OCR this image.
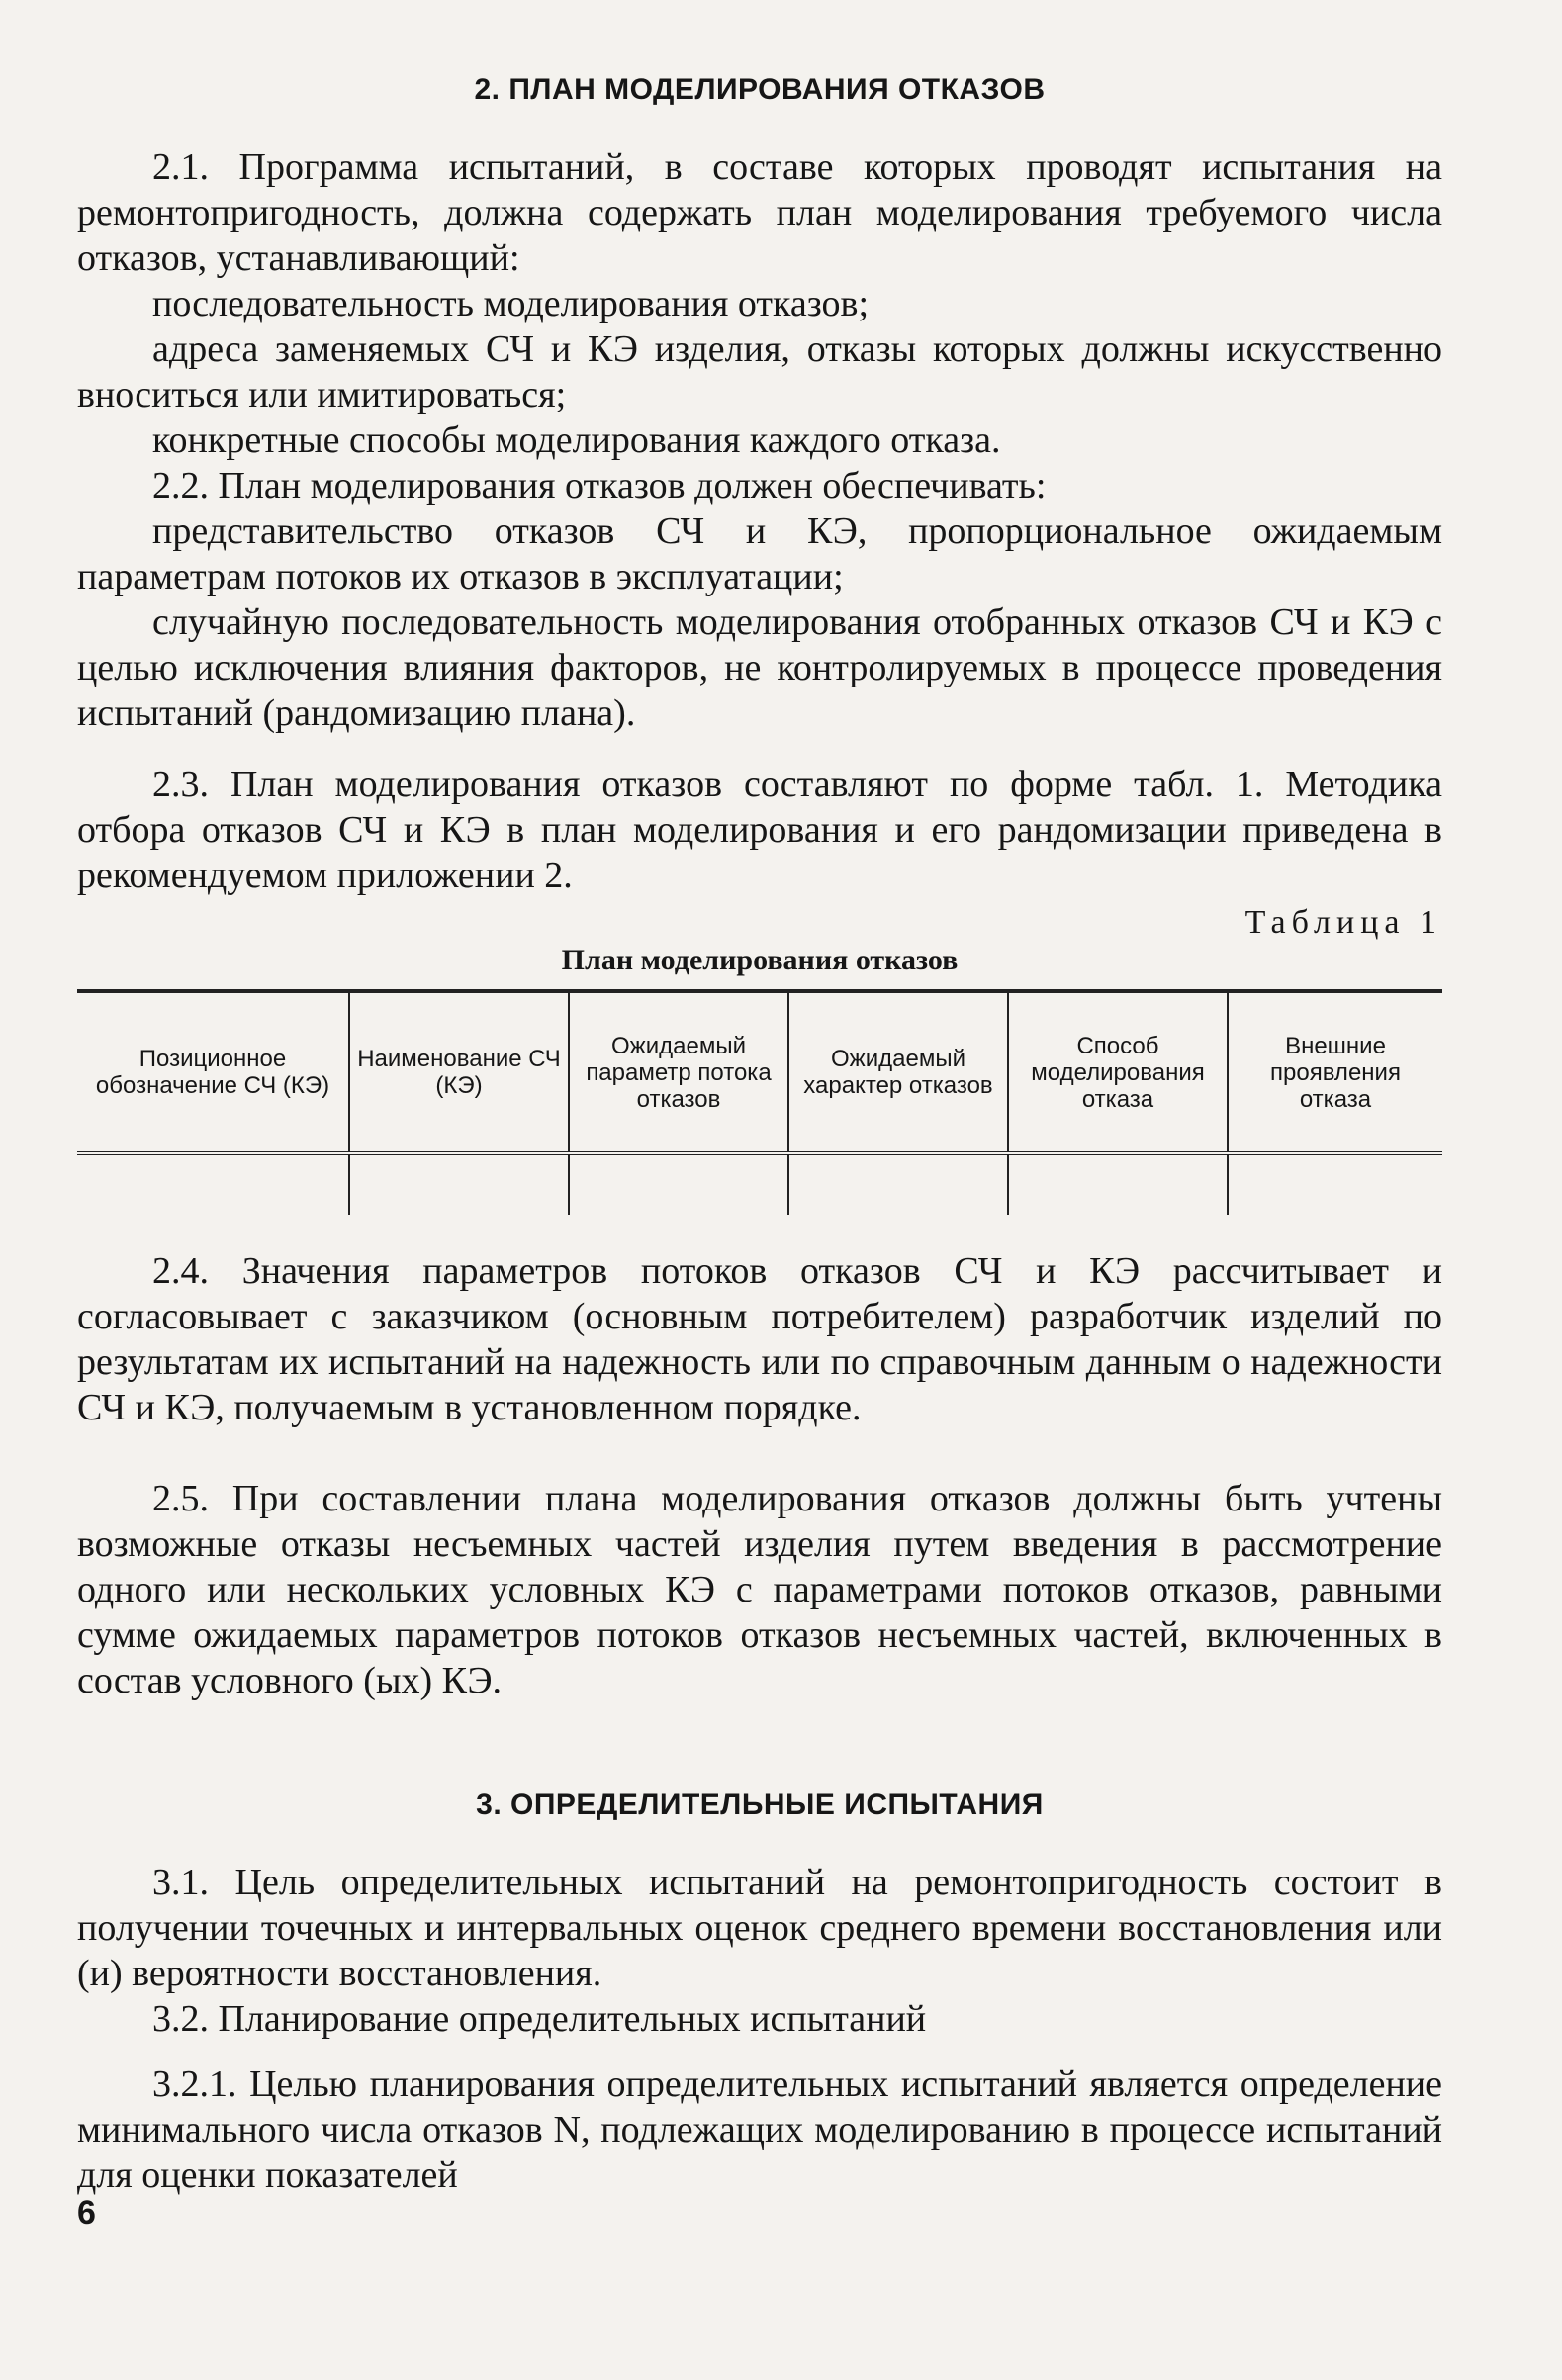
2. ПЛАН МОДЕЛИРОВАНИЯ ОТКАЗОВ

2.1. Программа испытаний, в составе которых проводят испытания на ремонтопригодность, должна содержать план моделирования требуемого числа отказов, устанавливающий:

последовательность моделирования отказов;

адреса заменяемых СЧ и КЭ изделия, отказы которых должны искусственно вноситься или имитироваться;

конкретные способы моделирования каждого отказа.

2.2. План моделирования отказов должен обеспечивать:

представительство отказов СЧ и КЭ, пропорциональное ожидаемым параметрам потоков их отказов в эксплуатации;

случайную последовательность моделирования отобранных отказов СЧ и КЭ с целью исключения влияния факторов, не контролируемых в процессе проведения испытаний (рандомизацию плана).

2.3. План моделирования отказов составляют по форме табл. 1. Методика отбора отказов СЧ и КЭ в план моделирования и его рандомизации приведена в рекомендуемом приложении 2.

Таблица 1
План моделирования отказов
Позиционное обозначение СЧ (КЭ)	Наименование СЧ (КЭ)	Ожидаемый параметр потока отказов	Ожидаемый характер отказов	Способ моделирования отказа	Внешние проявления отказа

2.4. Значения параметров потоков отказов СЧ и КЭ рассчитывает и согласовывает с заказчиком (основным потребителем) разработчик изделий по результатам их испытаний на надежность или по справочным данным о надежности СЧ и КЭ, получаемым в установленном порядке.

2.5. При составлении плана моделирования отказов должны быть учтены возможные отказы несъемных частей изделия путем введения в рассмотрение одного или нескольких условных КЭ с параметрами потоков отказов, равными сумме ожидаемых параметров потоков отказов несъемных частей, включенных в состав условного (ых) КЭ.

3. ОПРЕДЕЛИТЕЛЬНЫЕ ИСПЫТАНИЯ

3.1. Цель определительных испытаний на ремонтопригодность состоит в получении точечных и интервальных оценок среднего времени восстановления или (и) вероятности восстановления.

3.2. Планирование определительных испытаний

3.2.1. Целью планирования определительных испытаний является определение минимального числа отказов N, подлежащих моделированию в процессе испытаний для оценки показателей

6
